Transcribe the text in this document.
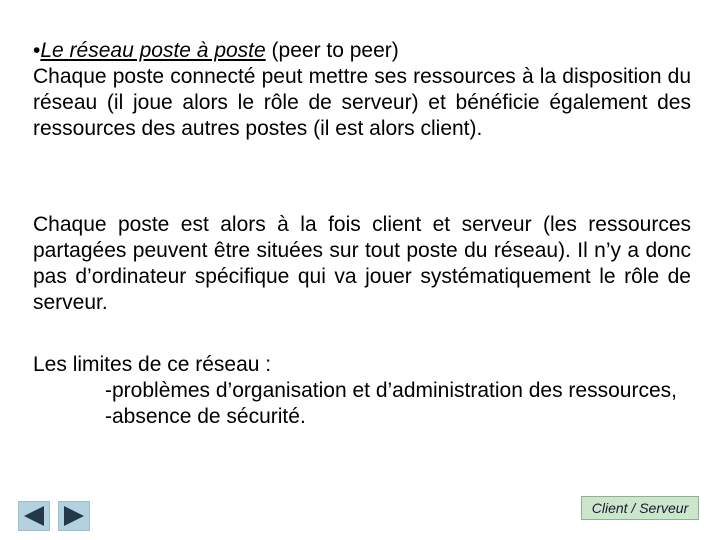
•Le réseau poste à poste (peer to peer)
Chaque poste connecté peut mettre ses ressources à la disposition du réseau (il joue alors le rôle de serveur) et bénéficie également des ressources des autres postes (il est alors client).

Chaque poste est alors à la fois client et serveur (les ressources partagées peuvent être situées sur tout poste du réseau). Il n’y a donc pas d’ordinateur spécifique qui va jouer systématiquement le rôle de serveur.

Les limites de ce réseau :
-problèmes d’organisation et d’administration des ressources,
-absence de sécurité.
Client / Serveur
